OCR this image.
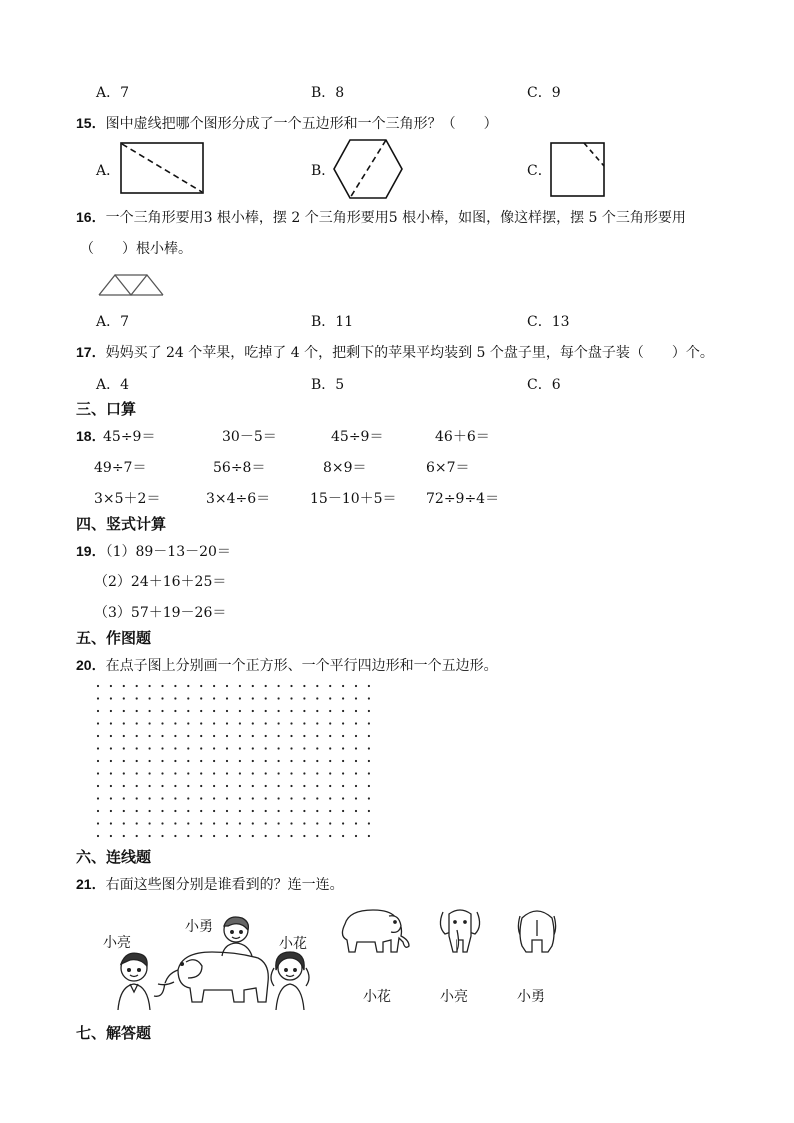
A．7	B．8	C．9
15．图中虚线把哪个图形分成了一个五边形和一个三角形？（　　）
A．	B．	C．
16．一个三角形要用3 根小棒，摆 2 个三角形要用5 根小棒，如图，像这样摆，摆 5 个三角形要用
（　　）根小棒。
A．7	B．11	C．13
17．妈妈买了 24 个苹果，吃掉了 4 个，把剩下的苹果平均装到 5 个盘子里，每个盘子装（　　）个。
A．4	B．5	C．6
三、口算
18．
45÷9＝	30－5＝	45÷9＝	46＋6＝
49÷7＝	56÷8＝	8×9＝	6×7＝
3×5＋2＝	3×4÷6＝	15－10＋5＝ 72÷9÷4＝
四、竖式计算
19．（1）89－13－20＝
（2）24＋16＋25＝
（3）57＋19－26＝
五、作图题
20．在点子图上分别画一个正方形、一个平行四边形和一个五边形。
六、连线题
21．右面这些图分别是谁看到的？连一连。
小亮
小勇
小花
小花	小亮	小勇
七、解答题
